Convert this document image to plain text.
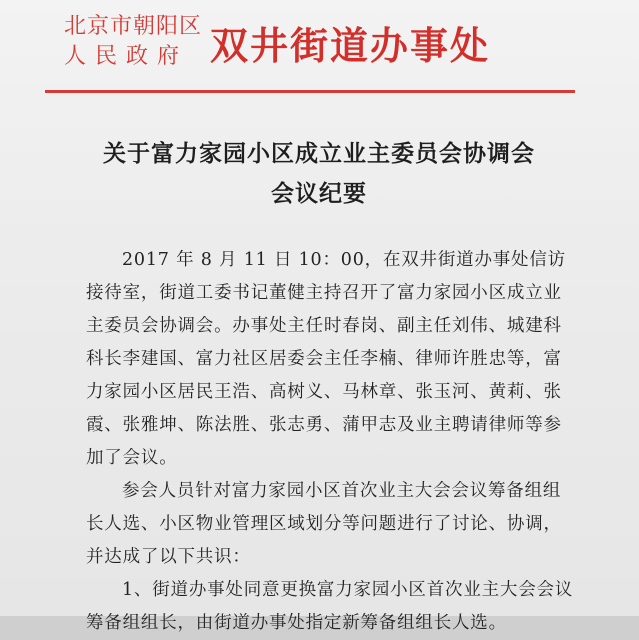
北京市朝阳区
人民政府 双井街道办事处
关于富力家园小区成立业主委员会协调会
会议纪要

2017 年 8 月 11 日 10：00，在双井街道办事处信访接待室，街道工委书记董健主持召开了富力家园小区成立业主委员会协调会。办事处主任时春岗、副主任刘伟、城建科科长李建国、富力社区居委会主任李楠、律师许胜忠等，富力家园小区居民王浩、高树义、马林章、张玉河、黄莉、张霞、张雅坤、陈法胜、张志勇、蒲甲志及业主聘请律师等参加了会议。

参会人员针对富力家园小区首次业主大会会议筹备组组长人选、小区物业管理区域划分等问题进行了讨论、协调，并达成了以下共识：

1、街道办事处同意更换富力家园小区首次业主大会会议筹备组组长，由街道办事处指定新筹备组组长人选。
